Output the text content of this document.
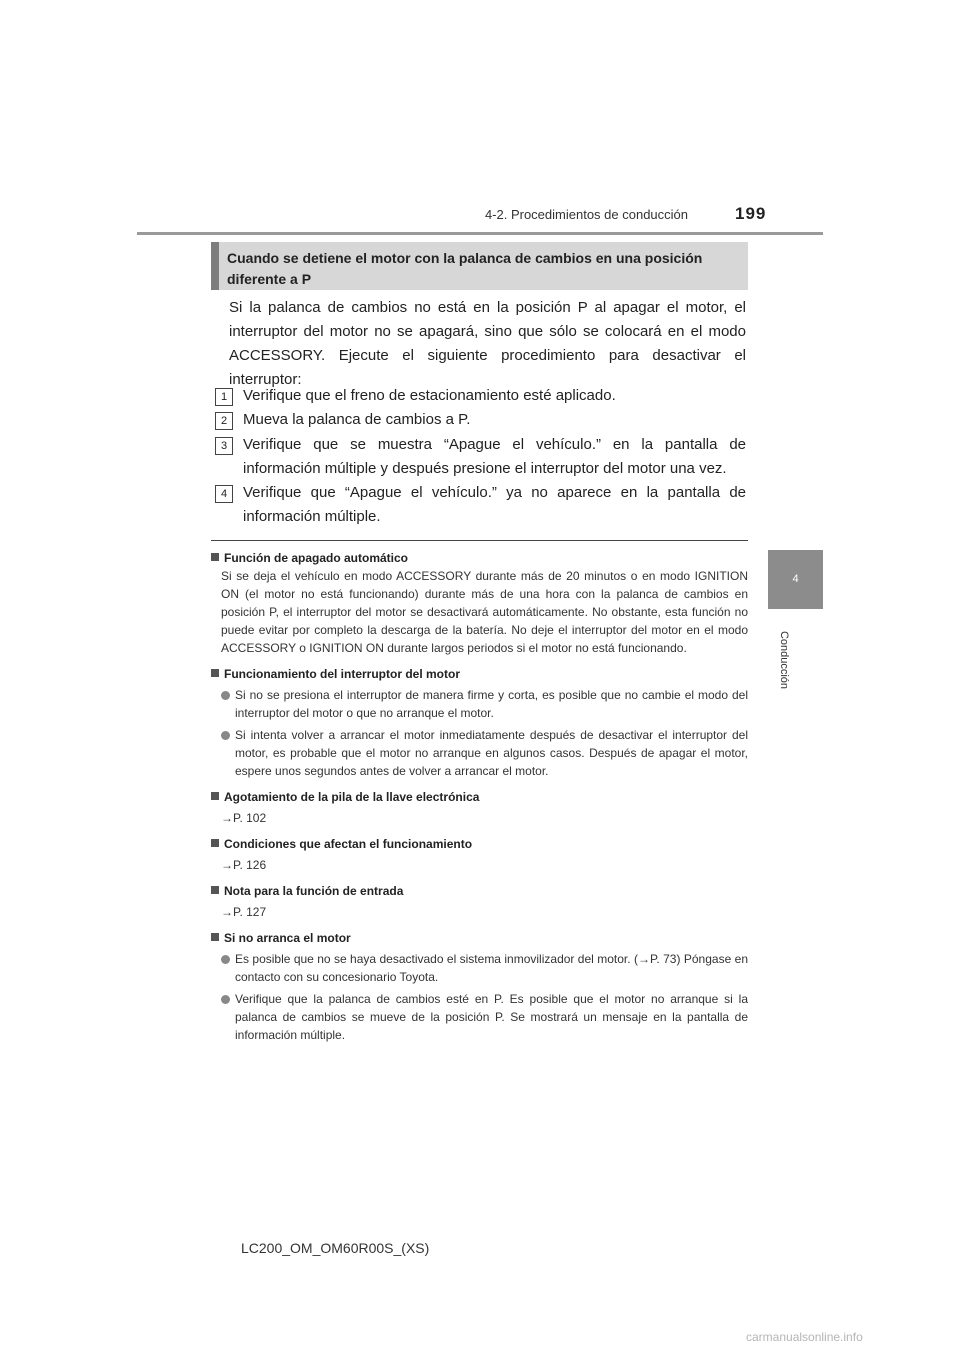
4-2. Procedimientos de conducción	199
4
Conducción
Cuando se detiene el motor con la palanca de cambios en una posición diferente a P

Si la palanca de cambios no está en la posición P al apagar el motor, el interruptor del motor no se apagará, sino que sólo se colocará en el modo ACCESSORY. Ejecute el siguiente procedimiento para desactivar el interruptor:

1	Verifique que el freno de estacionamiento esté aplicado.
2	Mueva la palanca de cambios a P.
3	Verifique que se muestra “Apague el vehículo.” en la pantalla de información múltiple y después presione el interruptor del motor una vez.
4	Verifique que “Apague el vehículo.” ya no aparece en la pantalla de información múltiple.
Función de apagado automático
Si se deja el vehículo en modo ACCESSORY durante más de 20 minutos o en modo IGNITION ON (el motor no está funcionando) durante más de una hora con la palanca de cambios en posición P, el interruptor del motor se desactivará automáticamente. No obstante, esta función no puede evitar por completo la descarga de la batería. No deje el interruptor del motor en el modo ACCESSORY o IGNITION ON durante largos periodos si el motor no está funcionando.
Funcionamiento del interruptor del motor
Si no se presiona el interruptor de manera firme y corta, es posible que no cambie el modo del interruptor del motor o que no arranque el motor.
Si intenta volver a arrancar el motor inmediatamente después de desactivar el interruptor del motor, es probable que el motor no arranque en algunos casos. Después de apagar el motor, espere unos segundos antes de volver a arrancar el motor.
Agotamiento de la pila de la llave electrónica
→P. 102
Condiciones que afectan el funcionamiento
→P. 126
Nota para la función de entrada
→P. 127
Si no arranca el motor
Es posible que no se haya desactivado el sistema inmovilizador del motor. (→P. 73) Póngase en contacto con su concesionario Toyota.
Verifique que la palanca de cambios esté en P. Es posible que el motor no arranque si la palanca de cambios se mueve de la posición P. Se mostrará un mensaje en la pantalla de información múltiple.
LC200_OM_OM60R00S_(XS)
carmanualsonline.info
